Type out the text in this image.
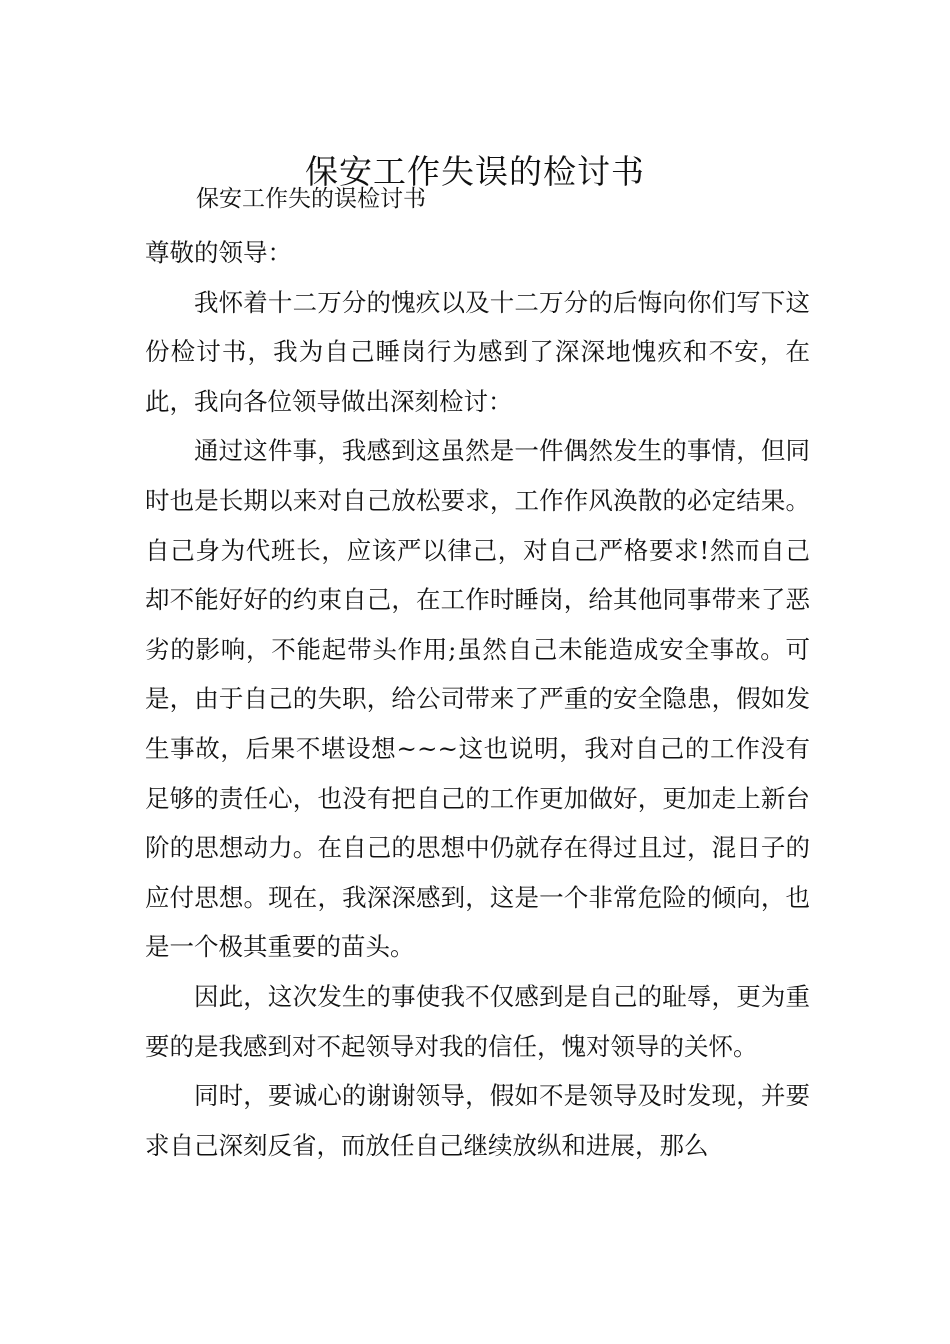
保安工作失误的检讨书
保安工作失的误检讨书

尊敬的领导：

我怀着十二万分的愧疚以及十二万分的后悔向你们写下这份检讨书，我为自己睡岗行为感到了深深地愧疚和不安，在此，我向各位领导做出深刻检讨：

通过这件事，我感到这虽然是一件偶然发生的事情，但同时也是长期以来对自己放松要求，工作作风涣散的必定结果。自己身为代班长，应该严以律己，对自己严格要求!然而自己却不能好好的约束自己，在工作时睡岗，给其他同事带来了恶劣的影响，不能起带头作用;虽然自己未能造成安全事故。可是，由于自己的失职，给公司带来了严重的安全隐患，假如发生事故，后果不堪设想~~~这也说明，我对自己的工作没有足够的责任心，也没有把自己的工作更加做好，更加走上新台阶的思想动力。在自己的思想中仍就存在得过且过，混日子的应付思想。现在，我深深感到，这是一个非常危险的倾向，也是一个极其重要的苗头。

因此，这次发生的事使我不仅感到是自己的耻辱，更为重要的是我感到对不起领导对我的信任，愧对领导的关怀。

同时，要诚心的谢谢领导，假如不是领导及时发现，并要求自己深刻反省，而放任自己继续放纵和进展，那么
